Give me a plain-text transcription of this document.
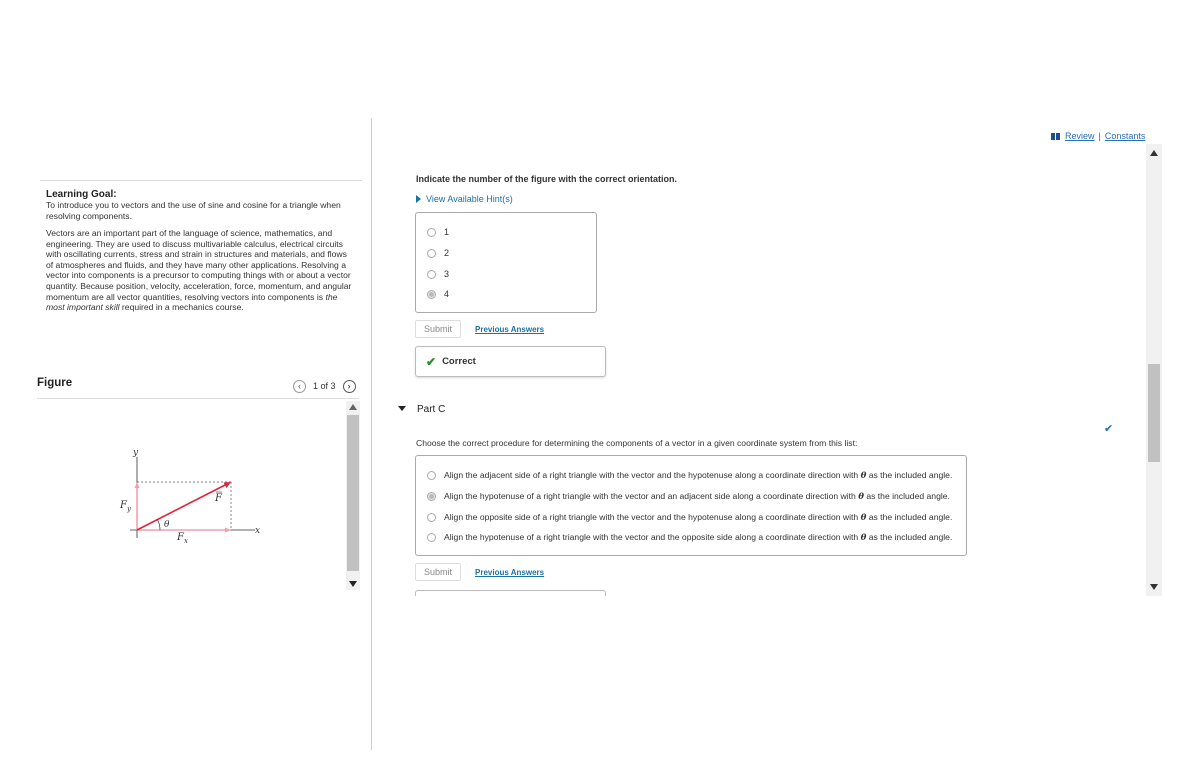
Learning Goal:
To introduce you to vectors and the use of sine and cosine for a triangle when resolving components.
Vectors are an important part of the language of science, mathematics, and engineering. They are used to discuss multivariable calculus, electrical circuits with oscillating currents, stress and strain in structures and materials, and flows of atmospheres and fluids, and they have many other applications. Resolving a vector into components is a precursor to computing things with or about a vector quantity. Because position, velocity, acceleration, force, momentum, and angular momentum are all vector quantities, resolving vectors into components is the most important skill required in a mechanics course.
Figure	‹ 1 of 3 ›
y
x
F
$F_y$
$F_x$
θ
Review | Constants
Indicate the number of the figure with the correct orientation.
View Available Hint(s)
1
2
3
4
Submit	Previous Answers
✔ Correct
Part C
✔
Choose the correct procedure for determining the components of a vector in a given coordinate system from this list:
Align the adjacent side of a right triangle with the vector and the hypotenuse along a coordinate direction with θ as the included angle.
Align the hypotenuse of a right triangle with the vector and an adjacent side along a coordinate direction with θ as the included angle.
Align the opposite side of a right triangle with the vector and the hypotenuse along a coordinate direction with θ as the included angle.
Align the hypotenuse of a right triangle with the vector and the opposite side along a coordinate direction with θ as the included angle.
Submit	Previous Answers
